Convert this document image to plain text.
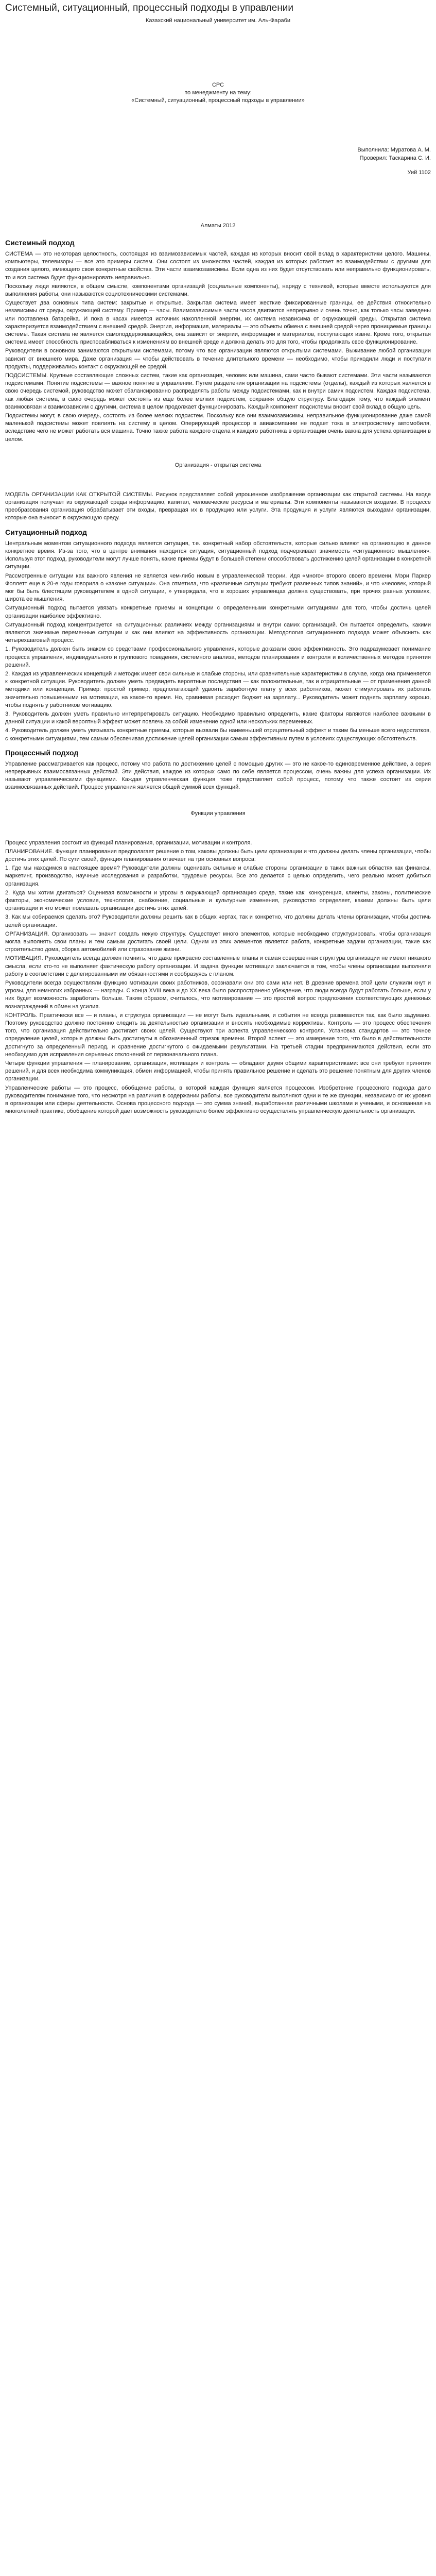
Системный, ситуационный, процессный подходы в управлении
Казахский национальный университет им. Аль-Фараби
СРС
по менеджменту на тему:
«Системный, ситуационный, процессный подходы в управлении»
Выполнила: Муратова А. М.
Проверил: Таскарина С. И.
Уий 1102
Алматы 2012
Системный подход

СИСТЕМА — это некоторая целостность, состоящая из взаимозависимых частей, каждая из которых вносит свой вклад в характеристики целого. Машины, компьютеры, телевизоры — все это примеры систем. Они состоят из множества частей, каждая из которых работает во взаимодействии с другими для создания целого, имеющего свои конкретные свойства. Эти части взаимозависимы. Если одна из них будет отсутствовать или неправильно функционировать, то и вся система будет функционировать неправильно.

Поскольку люди являются, в общем смысле, компонентами организаций (социальные компоненты), наряду с техникой, которые вместе используются для выполнения работы, они называются социотехническими системами.

Существует два основных типа систем: закрытые и открытые. Закрытая система имеет жесткие фиксированные границы, ее действия относительно независимы от среды, окружающей систему. Пример — часы. Взаимозависимые части часов двигаются непрерывно и очень точно, как только часы заведены или поставлена батарейка. И пока в часах имеется источник накопленной энергии, их система независима от окружающей среды. Открытая система характеризуется взаимодействием с внешней средой. Энергия, информация, материалы — это объекты обмена с внешней средой через проницаемые границы системы. Такая система не является самоподдерживающейся, она зависит от энергии, информации и материалов, поступающих извне. Кроме того, открытая система имеет способность приспосабливаться к изменениям во внешней среде и должна делать это для того, чтобы продолжать свое функционирование.

Руководители в основном занимаются открытыми системами, потому что все организации являются открытыми системами. Выживание любой организации зависит от внешнего мира. Даже организация — чтобы действовать в течение длительного времени — необходимо, чтобы приходили люди и поступали продукты, поддерживались контакт с окружающей ее средой.

ПОДСИСТЕМЫ. Крупные составляющие сложных систем, такие как организация, человек или машина, сами часто бывают системами. Эти части называются подсистемами. Понятие подсистемы — важное понятие в управлении. Путем разделения организации на подсистемы (отделы), каждый из которых является в свою очередь системой, руководство может сбалансированно распределять работы между подсистемами, как и внутри самих подсистем. Каждая подсистема, как любая система, в свою очередь может состоять из еще более мелких подсистем, сохраняя общую структуру. Благодаря тому, что каждый элемент взаимосвязан и взаимозависим с другими, система в целом продолжает функционировать. Каждый компонент подсистемы вносит свой вклад в общую цель.

Подсистемы могут, в свою очередь, состоять из более мелких подсистем. Поскольку все они взаимозависимы, неправильное функционирование даже самой маленькой подсистемы может повлиять на систему в целом. Оперирующий процессор в авиакомпании не подает тока в электросистему автомобиля, вследствие чего не может работать вся машина. Точно также работа каждого отдела и каждого работника в организации очень важна для успеха организации в целом.

Организация - открытая система

МОДЕЛЬ ОРГАНИЗАЦИИ КАК ОТКРЫТОЙ СИСТЕМЫ. Рисунок представляет собой упрощенное изображение организации как открытой системы. На входе организация получает из окружающей среды информацию, капитал, человеческие ресурсы и материалы. Эти компоненты называются входами. В процессе преобразования организация обрабатывает эти входы, превращая их в продукцию или услуги. Эта продукция и услуги являются выходами организации, которые она выносит в окружающую среду.

Ситуационный подход

Центральным моментом ситуационного подхода является ситуация, т.е. конкретный набор обстоятельств, которые сильно влияют на организацию в данное конкретное время. Из-за того, что в центре внимания находится ситуация, ситуационный подход подчеркивает значимость «ситуационного мышления». Используя этот подход, руководители могут лучше понять, какие приемы будут в большей степени способствовать достижению целей организации в конкретной ситуации.

Рассмотренные ситуации как важного явления не является чем-либо новым в управленческой теории. Идя «много» второго своего времени, Мэри Паркер Фоллетт еще в 20-е годы говорила о «законе ситуации». Она отметила, что «различные ситуации требуют различных типов знаний», и что «человек, который мог бы быть блестящим руководителем в одной ситуации, » утверждала, что в хороших управленцах должна существовать, при прочих равных условиях, широта ее мышления.

Ситуационный подход пытается увязать конкретные приемы и концепции с определенными конкретными ситуациями для того, чтобы достичь целей организации наиболее эффективно.

Ситуационный подход концентрируется на ситуационных различиях между организациями и внутри самих организаций. Он пытается определить, какими являются значимые переменные ситуации и как они влияют на эффективность организации. Методология ситуационного подхода может объяснить как четырехшаговый процесс.

1. Руководитель должен быть знаком со средствами профессионального управления, которые доказали свою эффективность. Это подразумевает понимание процесса управления, индивидуального и группового поведения, системного анализа, методов планирования и контроля и количественных методов принятия решений.

2. Каждая из управленческих концепций и методик имеет свои сильные и слабые стороны, или сравнительные характеристики в случае, когда она применяется к конкретной ситуации. Руководитель должен уметь предвидеть вероятные последствия — как положительные, так и отрицательные — от применения данной методики или концепции. Пример: простой пример, предполагающий удвоить заработную плату у всех работников, может стимулировать их работать значительно повышенными на мотивации, на какое-то время. Но, сравнивая расходит бюджет на зарплату... Руководитель может поднять зарплату хорошо, чтобы поднять у работников мотивацию.

3. Руководитель должен уметь правильно интерпретировать ситуацию. Необходимо правильно определить, какие факторы являются наиболее важными в данной ситуации и какой вероятный эффект может повлечь за собой изменение одной или нескольких переменных.

4. Руководитель должен уметь увязывать конкретные приемы, которые вызвали бы наименьший отрицательный эффект и таким бы меньше всего недостатков, с конкретными ситуациями, тем самым обеспечивая достижение целей организации самым эффективным путем в условиях существующих обстоятельств.

Процессный подход

Управление рассматривается как процесс, потому что работа по достижению целей с помощью других — это не какое-то единовременное действие, а серия непрерывных взаимосвязанных действий. Эти действия, каждое из которых само по себе является процессом, очень важны для успеха организации. Их называют управленческими функциями. Каждая управленческая функция тоже представляет собой процесс, потому что также состоит из серии взаимосвязанных действий. Процесс управления является общей суммой всех функций.

Функции управления

Процесс управления состоит из функций планирования, организации, мотивации и контроля.

ПЛАНИРОВАНИЕ. Функция планирования предполагает решение о том, каковы должны быть цели организации и что должны делать члены организации, чтобы достичь этих целей. По сути своей, функция планирования отвечает на три основных вопроса:

1. Где мы находимся в настоящее время? Руководители должны оценивать сильные и слабые стороны организации в таких важных областях как финансы, маркетинг, производство, научные исследования и разработки, трудовые ресурсы. Все это делается с целью определить, чего реально может добиться организация.

2. Куда мы хотим двигаться? Оценивая возможности и угрозы в окружающей организацию среде, такие как: конкуренция, клиенты, законы, политические факторы, экономические условия, технология, снабжение, социальные и культурные изменения, руководство определяет, какими должны быть цели организации и что может помешать организации достичь этих целей.

3. Как мы собираемся сделать это? Руководители должны решить как в общих чертах, так и конкретно, что должны делать члены организации, чтобы достичь целей организации.

ОРГАНИЗАЦИЯ. Организовать — значит создать некую структуру. Существует много элементов, которые необходимо структурировать, чтобы организация могла выполнять свои планы и тем самым достигать своей цели. Одним из этих элементов является работа, конкретные задачи организации, такие как строительство дома, сборка автомобилей или страхование жизни.

МОТИВАЦИЯ. Руководитель всегда должен помнить, что даже прекрасно составленные планы и самая совершенная структура организации не имеют никакого смысла, если кто-то не выполняет фактическую работу организации. И задача функции мотивации заключается в том, чтобы члены организации выполняли работу в соответствии с делегированными им обязанностями и сообразуясь с планом.

Руководители всегда осуществляли функцию мотивации своих работников, осознавали они это сами или нет. В древние времена этой цели служили кнут и угрозы, для немногих избранных — награды. С конца XVIII века и до XX века было распространено убеждение, что люди всегда будут работать больше, если у них будет возможность заработать больше. Таким образом, считалось, что мотивирование — это простой вопрос предложения соответствующих денежных вознаграждений в обмен на усилия.

КОНТРОЛЬ. Практически все — и планы, и структура организации — не могут быть идеальными, и события не всегда развиваются так, как было задумано. Поэтому руководство должно постоянно следить за деятельностью организации и вносить необходимые коррективы. Контроль — это процесс обеспечения того, что организация действительно достигает своих целей. Существуют три аспекта управленческого контроля. Установка стандартов — это точное определение целей, которые должны быть достигнуты в обозначенный отрезок времени. Второй аспект — это измерение того, что было в действительности достигнуто за определенный период, и сравнение достигнутого с ожидаемыми результатами. На третьей стадии предпринимаются действия, если это необходимо для исправления серьезных отклонений от первоначального плана.

Четыре функции управления — планирование, организация, мотивация и контроль — обладают двумя общими характеристиками: все они требуют принятия решений, и для всех необходима коммуникация, обмен информацией, чтобы принять правильное решение и сделать это решение понятным для других членов организации.

Управленческие работы — это процесс, обобщение работы, в которой каждая функция является процессом. Изобретение процессного подхода дало руководителям понимание того, что несмотря на различия в содержании работы, все руководители выполняют одни и те же функции, независимо от их уровня в организации или сферы деятельности. Основа процессного подхода — это сумма знаний, выработанная различными школами и учеными, и основанная на многолетней практике, обобщение которой дает возможность руководителю более эффективно осуществлять управленческую деятельность организации.
